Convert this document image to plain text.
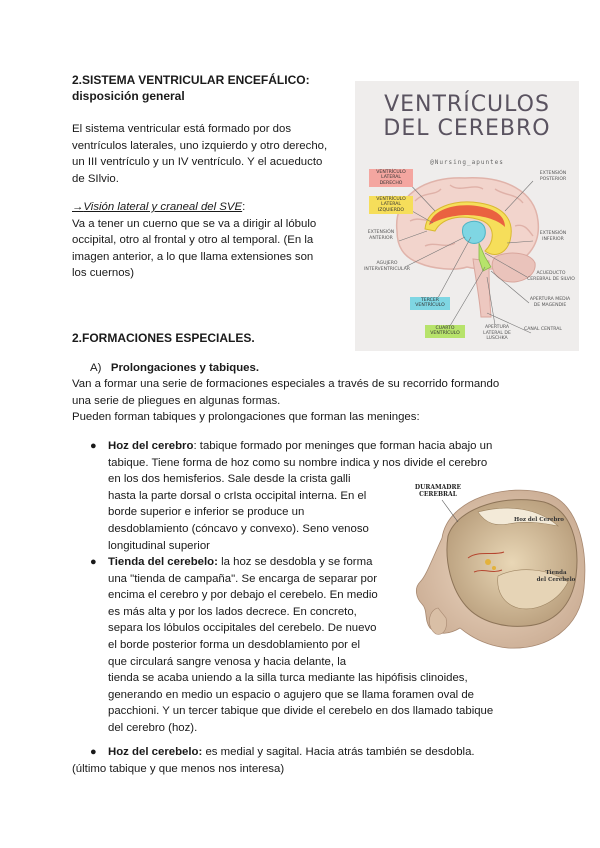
2.SISTEMA VENTRICULAR ENCEFÁLICO:
disposición general

El sistema ventricular está formado por dos

ventrículos laterales, uno izquierdo y otro derecho,

un III ventrículo y un IV ventrículo. Y el acueducto

de SIlvio.

→Visión lateral y craneal del SVE:

Va a tener un cuerno que se va a dirigir al lóbulo

occipital, otro al frontal y otro al temporal. (En la

imagen anterior, a lo que llama extensiones son

los cuernos)

VENTRÍCULOS
DEL CEREBRO
@Nursing_apuntes
VENTRÍCULO LATERAL DERECHO
VENTRÍCULO LATERAL IZQUIERDO
EXTENSIÓN ANTERIOR
AGUJERO INTERVENTRICULAR
TERCER VENTRÍCULO
CUARTO VENTRÍCULO
EXTENSIÓN POSTERIOR
EXTENSIÓN INFERIOR
ACUEDUCTO CEREBRAL DE SILVIO
APERTURA MEDIA DE MAGENDIE
APERTURA LATERAL DE LUSCHKA
CANAL CENTRAL
2.FORMACIONES ESPECIALES.
A) Prolongaciones y tabiques.

Van a formar una serie de formaciones especiales a través de su recorrido formando

una serie de pliegues en algunas formas.

Pueden forman tabiques y prolongaciones que forman las meninges:

● Hoz del cerebro: tabique formado por meninges que forman hacia abajo un

tabique. Tiene forma de hoz como su nombre indica y nos divide el cerebro

en los dos hemisferios. Sale desde la crista galli

hasta la parte dorsal o crIsta occipital interna. En el

borde superior e inferior se produce un

desdoblamiento (cóncavo y convexo). Seno venoso

longitudinal superior

● Tienda del cerebelo: la hoz se desdobla y se forma

una "tienda de campaña". Se encarga de separar por

encima el cerebro y por debajo el cerebelo. En medio

es más alta y por los lados decrece. En concreto,

separa los lóbulos occipitales del cerebelo. De nuevo

el borde posterior forma un desdoblamiento por el

que circulará sangre venosa y hacia delante, la

tienda se acaba uniendo a la silla turca mediante las hipófisis clinoides,

generando en medio un espacio o agujero que se llama foramen oval de

pacchioni. Y un tercer tabique que divide el cerebelo en dos llamado tabique

del cerebro (hoz).

● Hoz del cerebelo: es medial y sagital. Hacia atrás también se desdobla.

(último tabique y que menos nos interesa)
DURAMADRE
CEREBRAL
Hoz del Cerebro
Tienda
del Cerebelo
